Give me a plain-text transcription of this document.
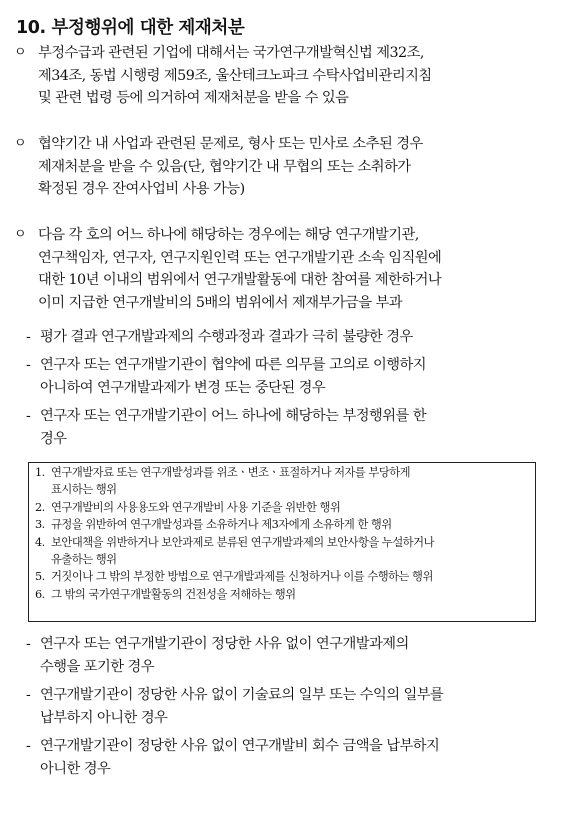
10. 부정행위에 대한 제재처분
ㅇ 부정수급과 관련된 기업에 대해서는 국가연구개발혁신법 제32조,
제34조, 동법 시행령 제59조, 울산테크노파크 수탁사업비관리지침
및 관련 법령 등에 의거하여 제재처분을 받을 수 있음
ㅇ 협약기간 내 사업과 관련된 문제로, 형사 또는 민사로 소추된 경우
제재처분을 받을 수 있음(단, 협약기간 내 무협의 또는 소취하가
확정된 경우 잔여사업비 사용 가능)
ㅇ 다음 각 호의 어느 하나에 해당하는 경우에는 해당 연구개발기관,
연구책임자, 연구자, 연구지원인력 또는 연구개발기관 소속 임직원에
대한 10년 이내의 범위에서 연구개발활동에 대한 참여를 제한하거나
이미 지급한 연구개발비의 5배의 범위에서 제재부가금을 부과
- 평가 결과 연구개발과제의 수행과정과 결과가 극히 불량한 경우
- 연구자 또는 연구개발기관이 협약에 따른 의무를 고의로 이행하지
아니하여 연구개발과제가 변경 또는 중단된 경우
- 연구자 또는 연구개발기관이 어느 하나에 해당하는 부정행위를 한
경우
1. 연구개발자료 또는 연구개발성과를 위조ㆍ변조ㆍ표절하거나 저자를 부당하게
표시하는 행위
2. 연구개발비의 사용용도와 연구개발비 사용 기준을 위반한 행위
3. 규정을 위반하여 연구개발성과를 소유하거나 제3자에게 소유하게 한 행위
4. 보안대책을 위반하거나 보안과제로 분류된 연구개발과제의 보안사항을 누설하거나
유출하는 행위
5. 거짓이나 그 밖의 부정한 방법으로 연구개발과제를 신청하거나 이를 수행하는 행위
6. 그 밖의 국가연구개발활동의 건전성을 저해하는 행위
- 연구자 또는 연구개발기관이 정당한 사유 없이 연구개발과제의
수행을 포기한 경우
- 연구개발기관이 정당한 사유 없이 기술료의 일부 또는 수익의 일부를
납부하지 아니한 경우
- 연구개발기관이 정당한 사유 없이 연구개발비 회수 금액을 납부하지
아니한 경우
